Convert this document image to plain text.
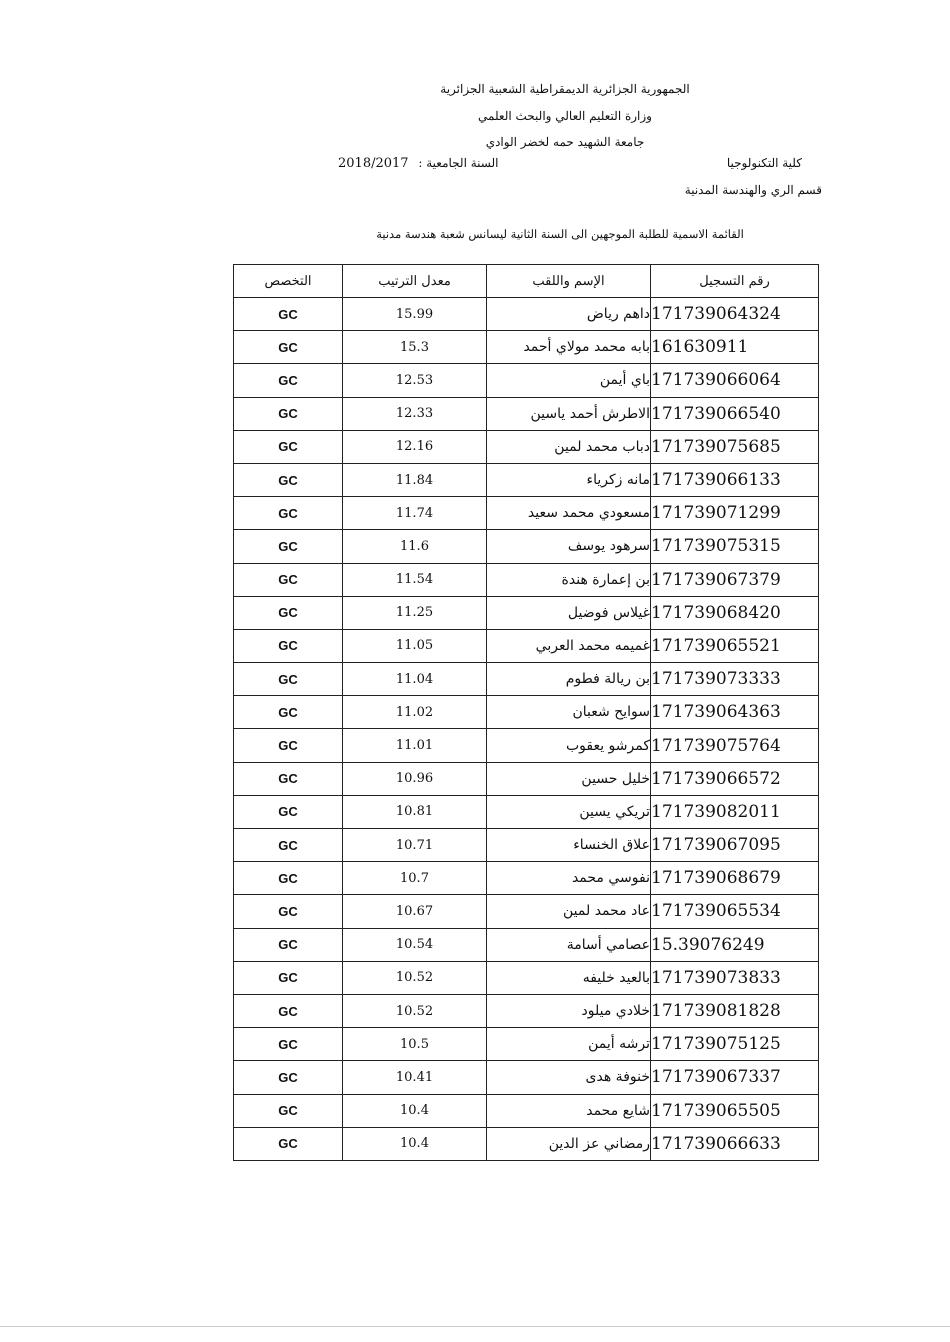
الجمهورية الجزائرية الديمقراطية الشعبية الجزائرية
وزارة التعليم العالي والبحث العلمي
جامعة الشهيد حمه لخضر الوادي
كلية التكنولوجيا
قسم الري والهندسة المدنية
2018/2017 السنة الجامعية :
القائمة الاسمية للطلبة الموجهين الى السنة الثانية ليسانس شعبة هندسة مدنية
رقم التسجيل	الإسم واللقب	معدل الترتيب	التخصص
171739064324	داهم رياض	15.99	GC
161630911	بابه محمد مولاي أحمد	15.3	GC
171739066064	باي أيمن	12.53	GC
171739066540	الاطرش أحمد ياسين	12.33	GC
171739075685	دباب محمد لمين	12.16	GC
171739066133	مانه زكرياء	11.84	GC
171739071299	مسعودي محمد سعيد	11.74	GC
171739075315	سرهود يوسف	11.6	GC
171739067379	بن إعمارة هندة	11.54	GC
171739068420	غيلاس فوضيل	11.25	GC
171739065521	غميمه محمد العربي	11.05	GC
171739073333	بن ريالة فطوم	11.04	GC
171739064363	سوايح شعبان	11.02	GC
171739075764	كمرشو يعقوب	11.01	GC
171739066572	خليل حسين	10.96	GC
171739082011	تريكي يسين	10.81	GC
171739067095	علاق الخنساء	10.71	GC
171739068679	نفوسي محمد	10.7	GC
171739065534	عاد محمد لمين	10.67	GC
15.39076249	عصامي أسامة	10.54	GC
171739073833	بالعيد خليفه	10.52	GC
171739081828	خلادي ميلود	10.52	GC
171739075125	ترشه أيمن	10.5	GC
171739067337	خنوفة هدى	10.41	GC
171739065505	شايع محمد	10.4	GC
171739066633	رمضاني عز الدين	10.4	GC
